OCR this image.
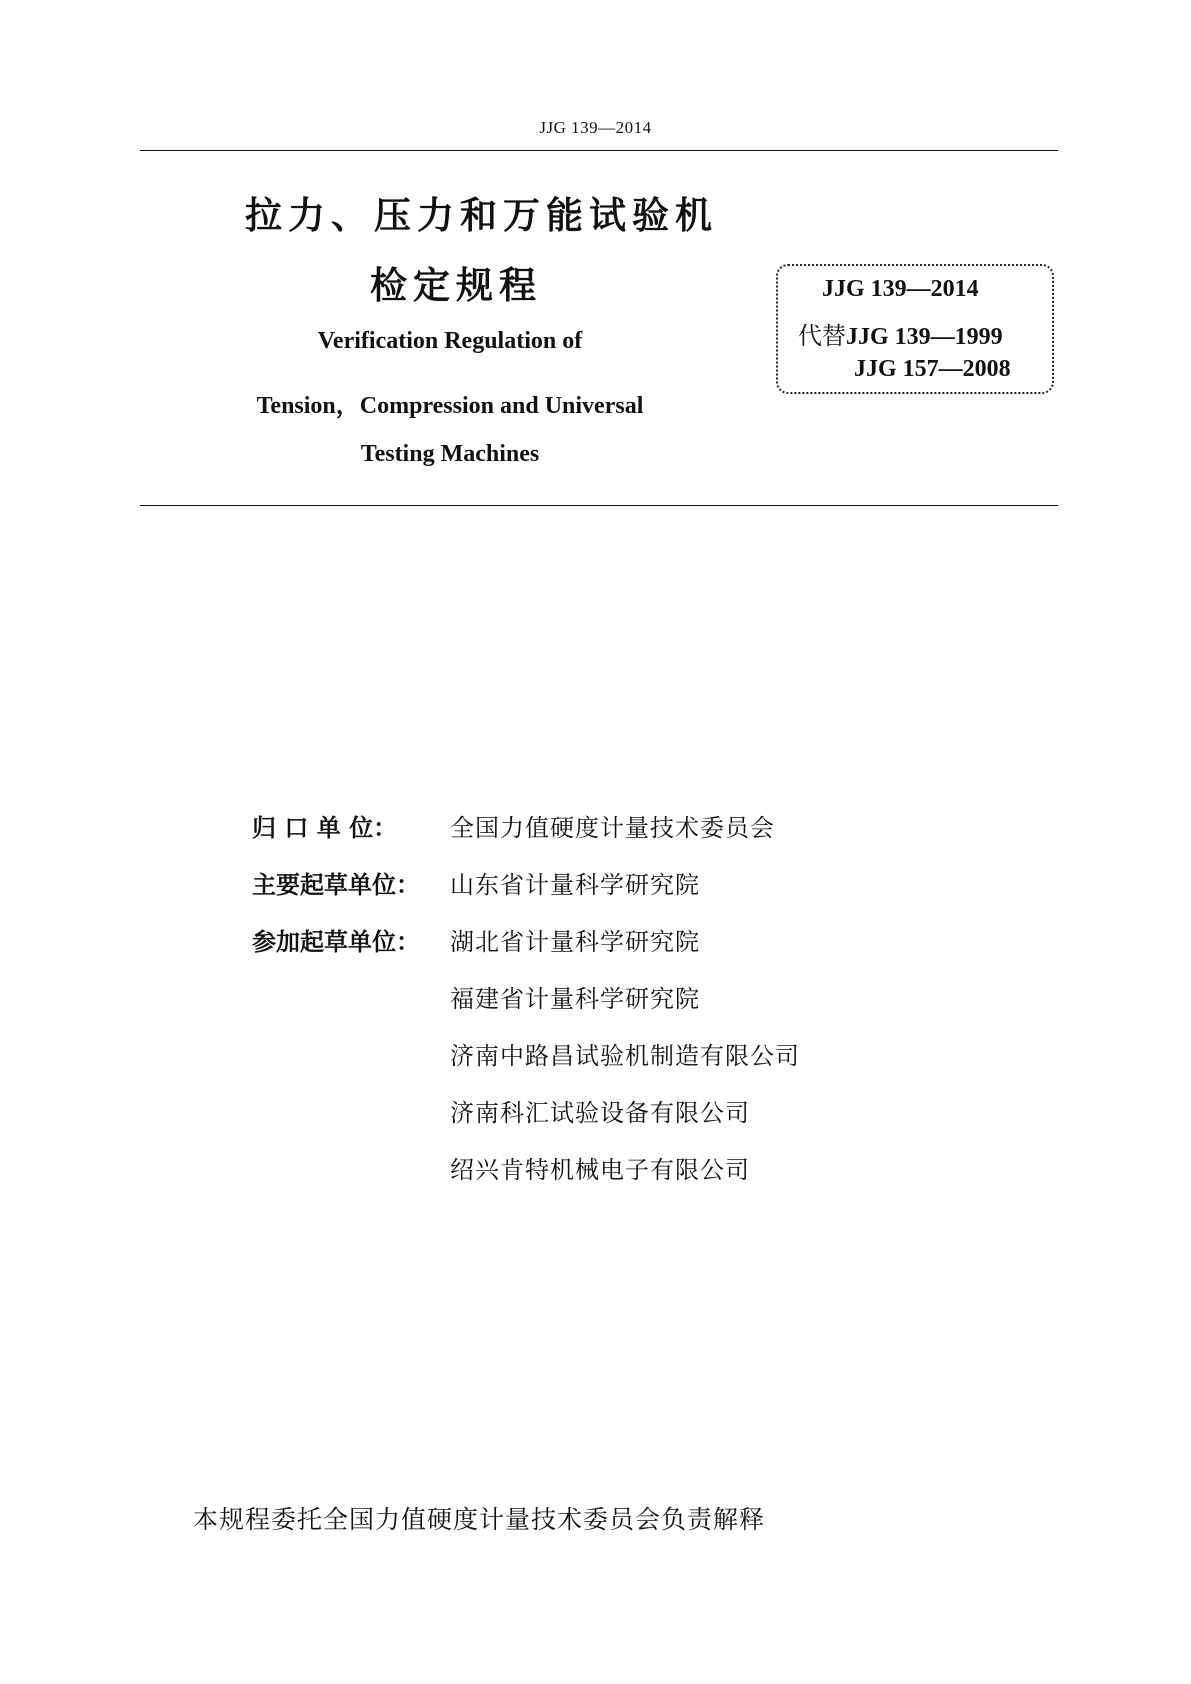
JJG 139—2014
拉力、压力和万能试验机
检定规程
Verification Regulation of
Tension，Compression and Universal
Testing Machines
JJG 139—2014
代替JJG 139—1999
JJG 157—2008
归 口 单 位： 全国力值硬度计量技术委员会
主要起草单位： 山东省计量科学研究院
参加起草单位： 湖北省计量科学研究院
福建省计量科学研究院
济南中路昌试验机制造有限公司
济南科汇试验设备有限公司
绍兴肯特机械电子有限公司
本规程委托全国力值硬度计量技术委员会负责解释
